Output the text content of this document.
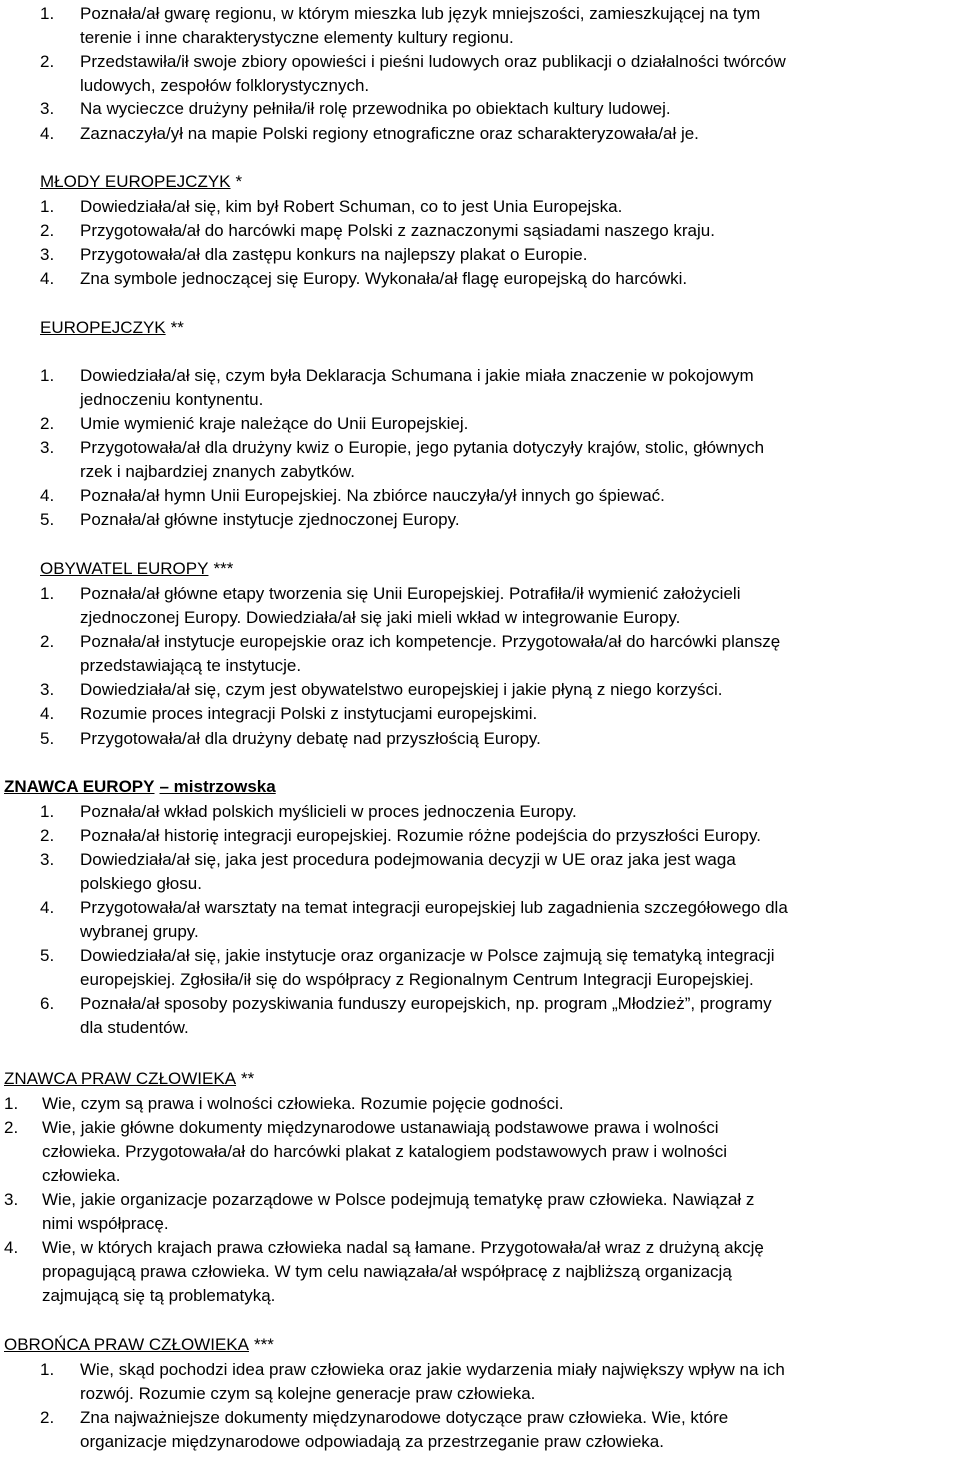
1. Poznała/ał gwarę regionu, w którym mieszka lub język mniejszości, zamieszkującej na tym
terenie i inne charakterystyczne elementy kultury regionu.
2. Przedstawiła/ił swoje zbiory opowieści i pieśni ludowych oraz publikacji o działalności twórców
ludowych, zespołów folklorystycznych.
3. Na wycieczce drużyny pełniła/ił rolę przewodnika po obiektach kultury ludowej.
4. Zaznaczyła/ył na mapie Polski regiony etnograficzne oraz scharakteryzowała/ał je.
MŁODY EUROPEJCZYK *
1. Dowiedziała/ał się, kim był Robert Schuman, co to jest Unia Europejska.
2. Przygotowała/ał do harcówki mapę Polski z zaznaczonymi sąsiadami naszego kraju.
3. Przygotowała/ał dla zastępu konkurs na najlepszy plakat o Europie.
4. Zna symbole jednoczącej się Europy. Wykonała/ał flagę europejską do harcówki.
EUROPEJCZYK **
1. Dowiedziała/ał się, czym była Deklaracja Schumana i jakie miała znaczenie w pokojowym
jednoczeniu kontynentu.
2. Umie wymienić kraje należące do Unii Europejskiej.
3. Przygotowała/ał dla drużyny kwiz o Europie, jego pytania dotyczyły krajów, stolic, głównych
rzek i najbardziej znanych zabytków.
4. Poznała/ał hymn Unii Europejskiej. Na zbiórce nauczyła/ył innych go śpiewać.
5. Poznała/ał główne instytucje zjednoczonej Europy.
OBYWATEL EUROPY ***
1. Poznała/ał główne etapy tworzenia się Unii Europejskiej. Potrafiła/ił wymienić założycieli
zjednoczonej Europy. Dowiedziała/ał się jaki mieli wkład w integrowanie Europy.
2. Poznała/ał instytucje europejskie oraz ich kompetencje. Przygotowała/ał do harcówki planszę
przedstawiającą te instytucje.
3. Dowiedziała/ał się, czym jest obywatelstwo europejskiej i jakie płyną z niego korzyści.
4. Rozumie proces integracji Polski z instytucjami europejskimi.
5. Przygotowała/ał dla drużyny debatę nad przyszłością Europy.
ZNAWCA EUROPY – mistrzowska
1. Poznała/ał wkład polskich myślicieli w proces jednoczenia Europy.
2. Poznała/ał historię integracji europejskiej. Rozumie różne podejścia do przyszłości Europy.
3. Dowiedziała/ał się, jaka jest procedura podejmowania decyzji w UE oraz jaka jest waga
polskiego głosu.
4. Przygotowała/ał warsztaty na temat integracji europejskiej lub zagadnienia szczegółowego dla
wybranej grupy.
5. Dowiedziała/ał się, jakie instytucje oraz organizacje w Polsce zajmują się tematyką integracji
europejskiej. Zgłosiła/ił się do współpracy z Regionalnym Centrum Integracji Europejskiej.
6. Poznała/ał sposoby pozyskiwania funduszy europejskich, np. program „Młodzież”, programy
dla studentów.
ZNAWCA PRAW CZŁOWIEKA **
1. Wie, czym są prawa i wolności człowieka. Rozumie pojęcie godności.
2. Wie, jakie główne dokumenty międzynarodowe ustanawiają podstawowe prawa i wolności
człowieka. Przygotowała/ał do harcówki plakat z katalogiem podstawowych praw i wolności
człowieka.
3. Wie, jakie organizacje pozarządowe w Polsce podejmują tematykę praw człowieka. Nawiązał z
nimi współpracę.
4. Wie, w których krajach prawa człowieka nadal są łamane. Przygotowała/ał wraz z drużyną akcję
propagującą prawa człowieka. W tym celu nawiązała/ał współpracę z najbliższą organizacją
zajmującą się tą problematyką.
OBROŃCA PRAW CZŁOWIEKA ***
1. Wie, skąd pochodzi idea praw człowieka oraz jakie wydarzenia miały największy wpływ na ich
rozwój. Rozumie czym są kolejne generacje praw człowieka.
2. Zna najważniejsze dokumenty międzynarodowe dotyczące praw człowieka. Wie, które
organizacje międzynarodowe odpowiadają za przestrzeganie praw człowieka.
